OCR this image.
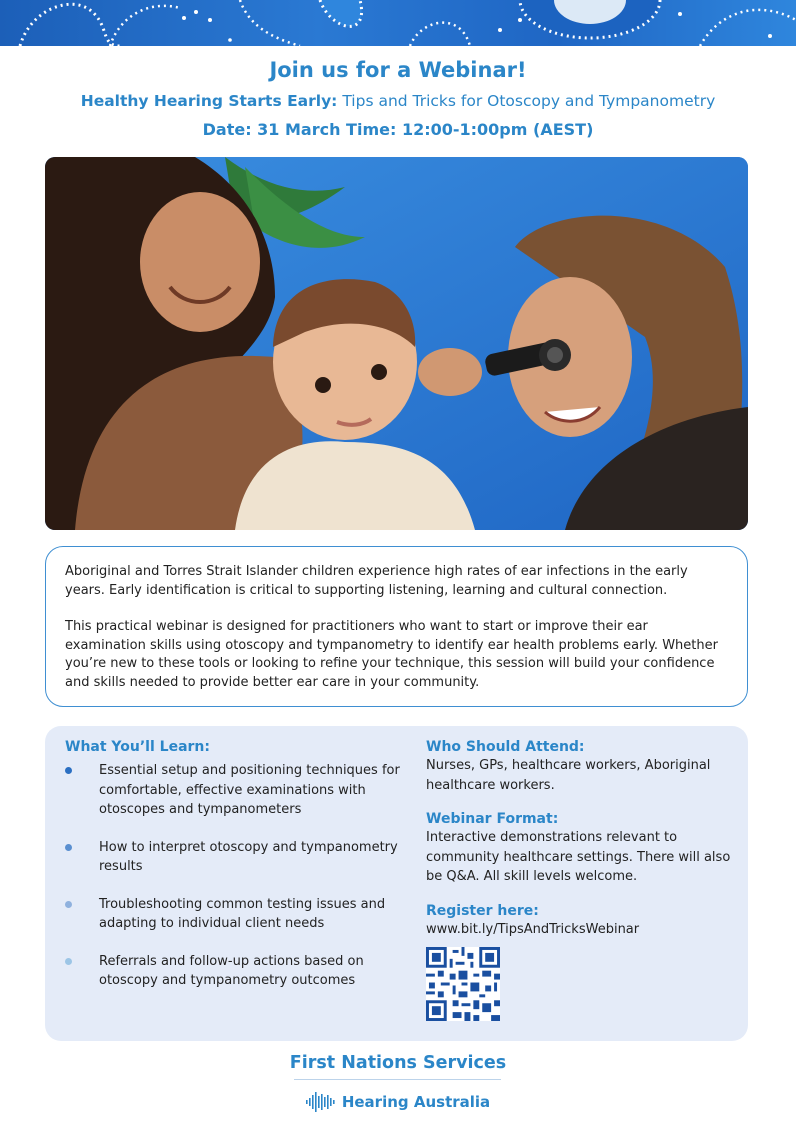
Join us for a Webinar!
Healthy Hearing Starts Early: Tips and Tricks for Otoscopy and Tympanometry
Date: 31 March Time: 12:00-1:00pm (AEST)

Aboriginal and Torres Strait Islander children experience high rates of ear infections in the early years. Early identification is critical to supporting listening, learning and cultural connection.

This practical webinar is designed for practitioners who want to start or improve their ear examination skills using otoscopy and tympanometry to identify ear health problems early. Whether you’re new to these tools or looking to refine your technique, this session will build your confidence and skills needed to provide better ear care in your community.

What You’ll Learn:
Essential setup and positioning techniques for comfortable, effective examinations with otoscopes and tympanometers
How to interpret otoscopy and tympanometry results
Troubleshooting common testing issues and adapting to individual client needs
Referrals and follow-up actions based on otoscopy and tympanometry outcomes
Who Should Attend:
Nurses, GPs, healthcare workers, Aboriginal healthcare workers.
Webinar Format:
Interactive demonstrations relevant to community healthcare settings. There will also be Q&A. All skill levels welcome.
Register here:
www.bit.ly/TipsAndTricksWebinar
First Nations Services
Hearing Australia
